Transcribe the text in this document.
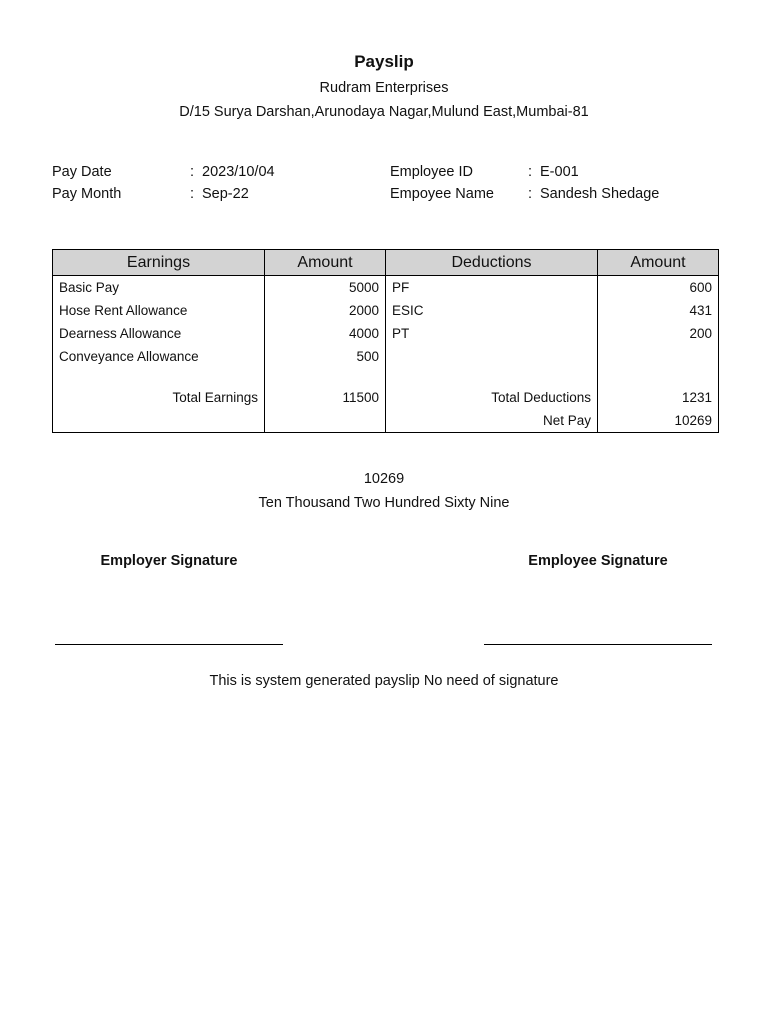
Payslip
Rudram Enterprises
D/15 Surya Darshan,Arunodaya Nagar,Mulund East,Mumbai-81
Pay Date	: 2023/10/04
Pay Month	: Sep-22
Employee ID	: E-001
Empoyee Name : Sandesh Shedage
Earnings	Amount	Deductions	Amount
Basic Pay	5000	PF	600
Hose Rent Allowance	2000	ESIC	431
Dearness Allowance	4000	PT	200
Conveyance Allowance	500		

Total Earnings	11500	Total Deductions	1231
		Net Pay	10269
10269
Ten Thousand Two Hundred Sixty Nine
Employer Signature	Employee Signature
This is system generated payslip No need of signature
